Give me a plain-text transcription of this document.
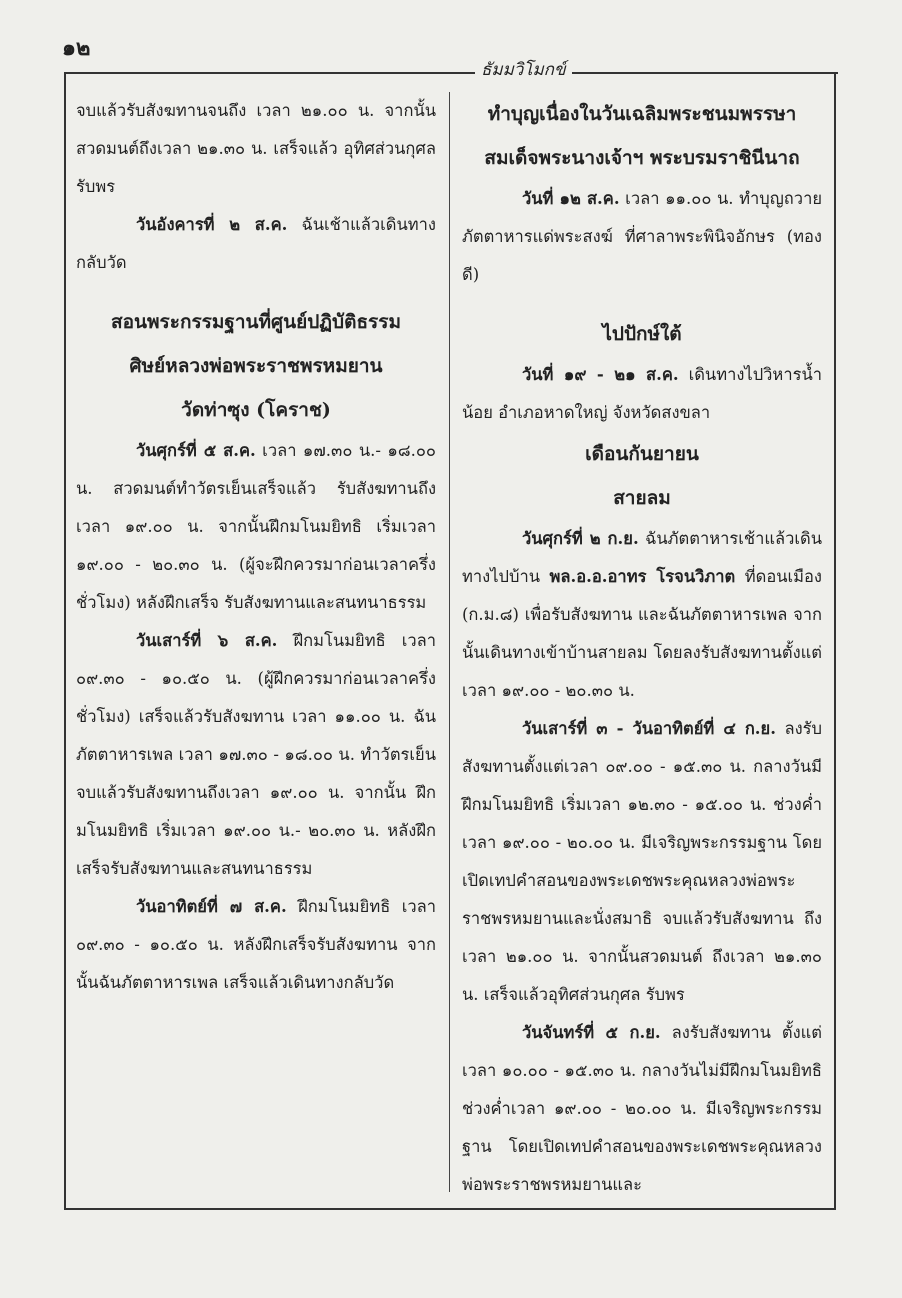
๑๒
ธัมมวิโมกข์

จบแล้วรับสังฆทานจนถึง เวลา ๒๑.๐๐ น. จากนั้นสวดมนต์ถึงเวลา ๒๑.๓๐ น. เสร็จแล้ว อุทิศส่วนกุศล รับพร

วันอังคารที่ ๒ ส.ค. ฉันเช้าแล้วเดินทางกลับวัด

สอนพระกรรมฐานที่ศูนย์ปฏิบัติธรรม

ศิษย์หลวงพ่อพระราชพรหมยาน

วัดท่าซุง (โคราช)

วันศุกร์ที่ ๕ ส.ค. เวลา ๑๗.๓๐ น.- ๑๘.๐๐ น. สวดมนต์ทำวัตรเย็นเสร็จแล้ว รับสังฆทานถึงเวลา ๑๙.๐๐ น. จากนั้นฝึกมโนมยิทธิ เริ่มเวลา ๑๙.๐๐ - ๒๐.๓๐ น. (ผู้จะฝึกควรมาก่อนเวลาครึ่งชั่วโมง) หลังฝึกเสร็จ รับสังฆทานและสนทนาธรรม

วันเสาร์ที่ ๖ ส.ค. ฝึกมโนมยิทธิ เวลา ๐๙.๓๐ - ๑๐.๕๐ น. (ผู้ฝึกควรมาก่อนเวลาครึ่งชั่วโมง) เสร็จแล้วรับสังฆทาน เวลา ๑๑.๐๐ น. ฉันภัตตาหารเพล เวลา ๑๗.๓๐ - ๑๘.๐๐ น. ทำวัตรเย็น จบแล้วรับสังฆทานถึงเวลา ๑๙.๐๐ น. จากนั้น ฝึกมโนมยิทธิ เริ่มเวลา ๑๙.๐๐ น.- ๒๐.๓๐ น. หลังฝึกเสร็จรับสังฆทานและสนทนาธรรม

วันอาทิตย์ที่ ๗ ส.ค. ฝึกมโนมยิทธิ เวลา ๐๙.๓๐ - ๑๐.๕๐ น. หลังฝึกเสร็จรับสังฆทาน จากนั้นฉันภัตตาหารเพล เสร็จแล้วเดินทางกลับวัด

ทำบุญเนื่องในวันเฉลิมพระชนมพรรษา

สมเด็จพระนางเจ้าฯ พระบรมราชินีนาถ

วันที่ ๑๒ ส.ค. เวลา ๑๑.๐๐ น. ทำบุญถวายภัตตาหารแด่พระสงฆ์ ที่ศาลาพระพินิจอักษร (ทองดี)

ไปปักษ์ใต้

วันที่ ๑๙ - ๒๑ ส.ค. เดินทางไปวิหารน้ำน้อย อำเภอหาดใหญ่ จังหวัดสงขลา

เดือนกันยายน

สายลม

วันศุกร์ที่ ๒ ก.ย. ฉันภัตตาหารเช้าแล้วเดินทางไปบ้าน พล.อ.อ.อาทร โรจนวิภาต ที่ดอนเมือง (ก.ม.๘) เพื่อรับสังฆทาน และฉันภัตตาหารเพล จากนั้นเดินทางเข้าบ้านสายลม โดยลงรับสังฆทานตั้งแต่เวลา ๑๙.๐๐ - ๒๐.๓๐ น.

วันเสาร์ที่ ๓ - วันอาทิตย์ที่ ๔ ก.ย. ลงรับสังฆทานตั้งแต่เวลา ๐๙.๐๐ - ๑๕.๓๐ น. กลางวันมีฝึกมโนมยิทธิ เริ่มเวลา ๑๒.๓๐ - ๑๕.๐๐ น. ช่วงค่ำ เวลา ๑๙.๐๐ - ๒๐.๐๐ น. มีเจริญพระกรรมฐาน โดยเปิดเทปคำสอนของพระเดชพระคุณหลวงพ่อพระราชพรหมยานและนั่งสมาธิ จบแล้วรับสังฆทาน ถึงเวลา ๒๑.๐๐ น. จากนั้นสวดมนต์ ถึงเวลา ๒๑.๓๐ น. เสร็จแล้วอุทิศส่วนกุศล รับพร

วันจันทร์ที่ ๕ ก.ย. ลงรับสังฆทาน ตั้งแต่เวลา ๑๐.๐๐ - ๑๕.๓๐ น. กลางวันไม่มีฝึกมโนมยิทธิ ช่วงค่ำเวลา ๑๙.๐๐ - ๒๐.๐๐ น. มีเจริญพระกรรมฐาน โดยเปิดเทปคำสอนของพระเดชพระคุณหลวงพ่อพระราชพรหมยานและ
